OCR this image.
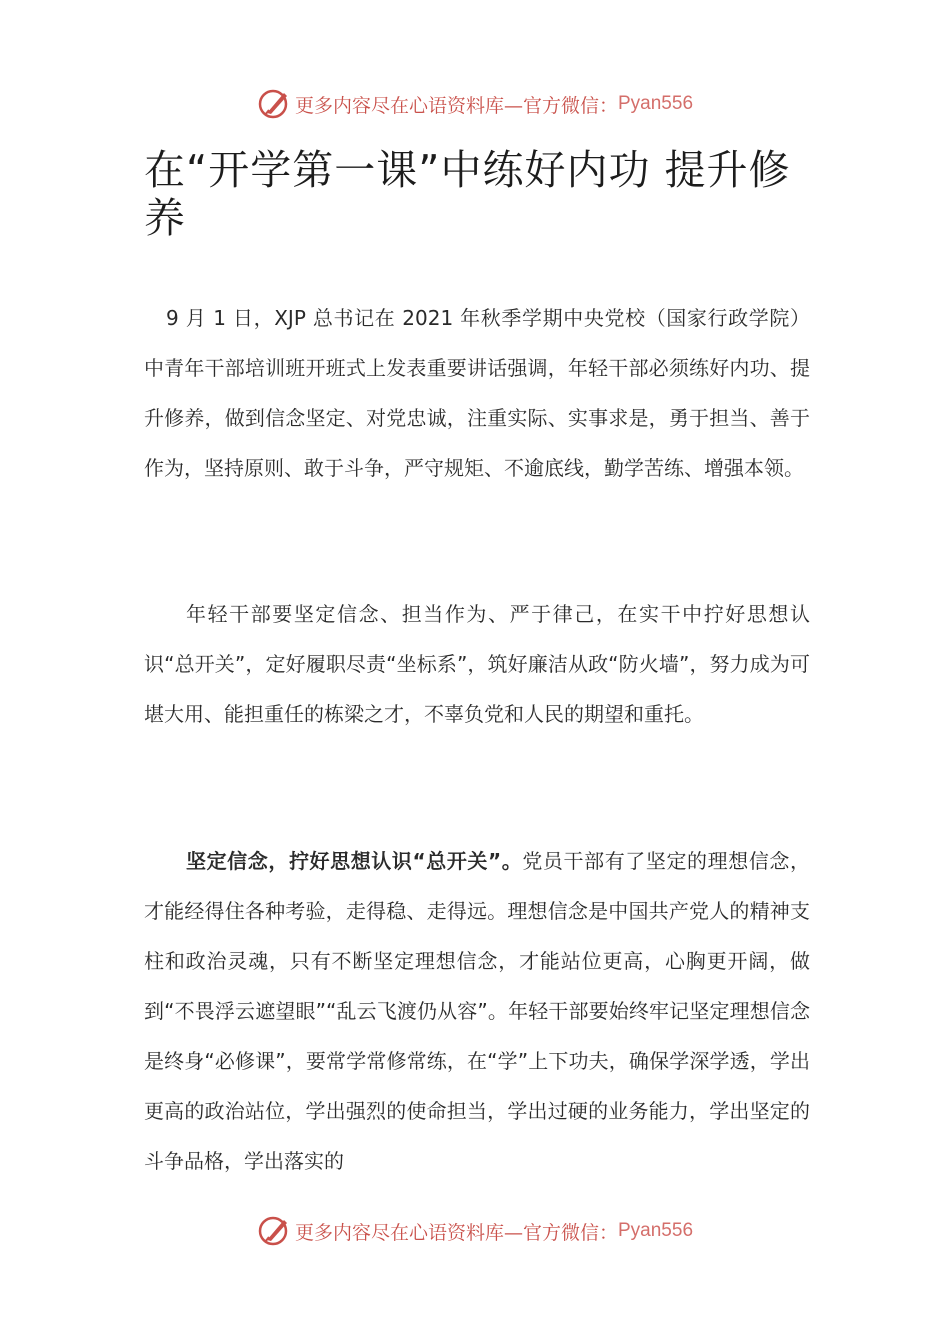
更多内容尽在心语资料库—官方微信： Pyan556
在“开学第一课”中练好内功 提升修养

9 月 1 日，XJP 总书记在 2021 年秋季学期中央党校（国家行政学院）中青年干部培训班开班式上发表重要讲话强调，年轻干部必须练好内功、提升修养，做到信念坚定、对党忠诚，注重实际、实事求是，勇于担当、善于作为，坚持原则、敢于斗争，严守规矩、不逾底线，勤学苦练、增强本领。

年轻干部要坚定信念、担当作为、严于律己，在实干中拧好思想认识“总开关”，定好履职尽责“坐标系”，筑好廉洁从政“防火墙”，努力成为可堪大用、能担重任的栋梁之才，不辜负党和人民的期望和重托。

坚定信念，拧好思想认识“总开关”。党员干部有了坚定的理想信念，才能经得住各种考验，走得稳、走得远。理想信念是中国共产党人的精神支柱和政治灵魂，只有不断坚定理想信念，才能站位更高，心胸更开阔，做到“不畏浮云遮望眼”“乱云飞渡仍从容”。年轻干部要始终牢记坚定理想信念是终身“必修课”，要常学常修常练，在“学”上下功夫，确保学深学透，学出更高的政治站位，学出强烈的使命担当，学出过硬的业务能力，学出坚定的斗争品格，学出落实的

更多内容尽在心语资料库—官方微信： Pyan556
